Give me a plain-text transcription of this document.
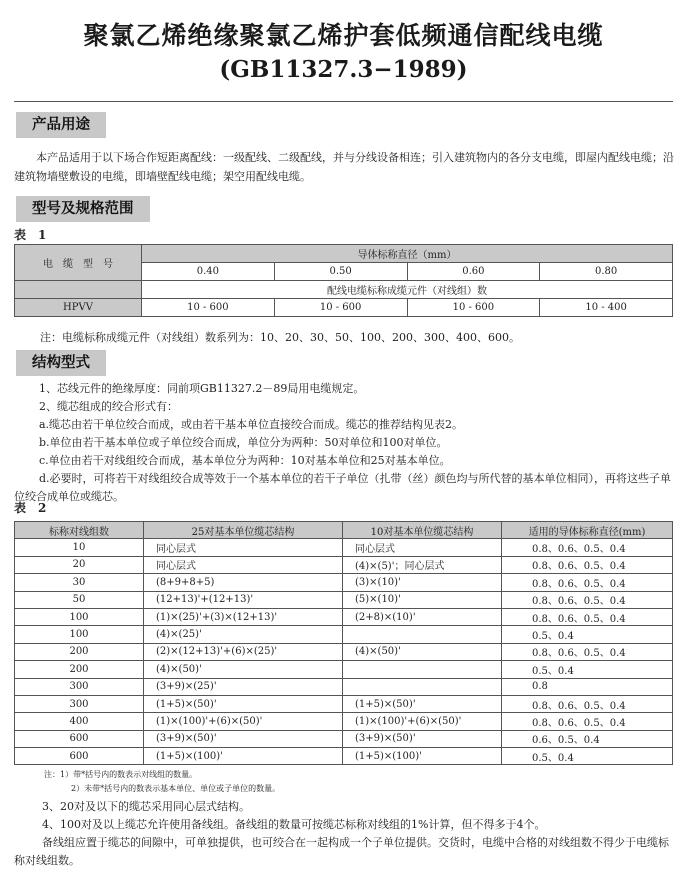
聚氯乙烯绝缘聚氯乙烯护套低频通信配线电缆
(GB11327.3−1989)
产品用途
本产品适用于以下场合作短距离配线：一级配线、二级配线，并与分线设备相连；引入建筑物内的各分支电缆，即屋内配线电缆；沿建筑物墙壁敷设的电缆，即墙壁配线电缆；架空用配线电缆。
型号及规格范围
表　1
电　缆　型　号	导体标称直径（mm）			
	0.40	0.50	0.60	0.80
	配线电缆标称成缆元件（对线组）数			
HPVV	10 - 600	10 - 600	10 - 600	10 - 400
注：电缆标称成缆元件（对线组）数系列为：10、20、30、50、100、200、300、400、600。
结构型式
1、芯线元件的绝缘厚度：同前项GB11327.2－89局用电缆规定。
2、缆芯组成的绞合形式有：
a.缆芯由若干单位绞合而成，或由若干基本单位直接绞合而成。缆芯的推荐结构见表2。
b.单位由若干基本单位或子单位绞合而成，单位分为两种：50对单位和100对单位。
c.单位由若干对线组绞合而成，基本单位分为两种：10对基本单位和25对基本单位。
d.必要时，可将若干对线组绞合成等效于一个基本单位的若干子单位（扎带（丝）颜色均与所代替的基本单位相同），再将这些子单位绞合成单位或缆芯。
表　2
标称对线组数	25对基本单位缆芯结构	10对基本单位缆芯结构	适用的导体标称直径(mm)
10	同心层式	同心层式	0.8、0.6、0.5、0.4
20	同心层式	(4)×(5)'；同心层式	0.8、0.6、0.5、0.4
30	(8+9+8+5)	(3)×(10)'	0.8、0.6、0.5、0.4
50	(12+13)'+(12+13)'	(5)×(10)'	0.8、0.6、0.5、0.4
100	(1)×(25)'+(3)×(12+13)'	(2+8)×(10)'	0.8、0.6、0.5、0.4
100	(4)×(25)'		0.5、0.4
200	(2)×(12+13)'+(6)×(25)'	(4)×(50)'	0.8、0.6、0.5、0.4
200	(4)×(50)'		0.5、0.4
300	(3+9)×(25)'		0.8
300	(1+5)×(50)'	(1+5)×(50)'	0.8、0.6、0.5、0.4
400	(1)×(100)'+(6)×(50)'	(1)×(100)'+(6)×(50)'	0.8、0.6、0.5、0.4
600	(3+9)×(50)'	(3+9)×(50)'	0.6、0.5、0.4
600	(1+5)×(100)'	(1+5)×(100)'	0.5、0.4
注：1）带*括号内的数表示对线组的数量。
2）未带*括号内的数表示基本单位、单位或子单位的数量。
3、20对及以下的缆芯采用同心层式结构。
4、100对及以上缆芯允许使用备线组。备线组的数量可按缆芯标称对线组的1%计算，但不得多于4个。
备线组应置于缆芯的间隙中，可单独提供，也可绞合在一起构成一个子单位提供。交货时，电缆中合格的对线组数不得少于电缆标称对线组数。
